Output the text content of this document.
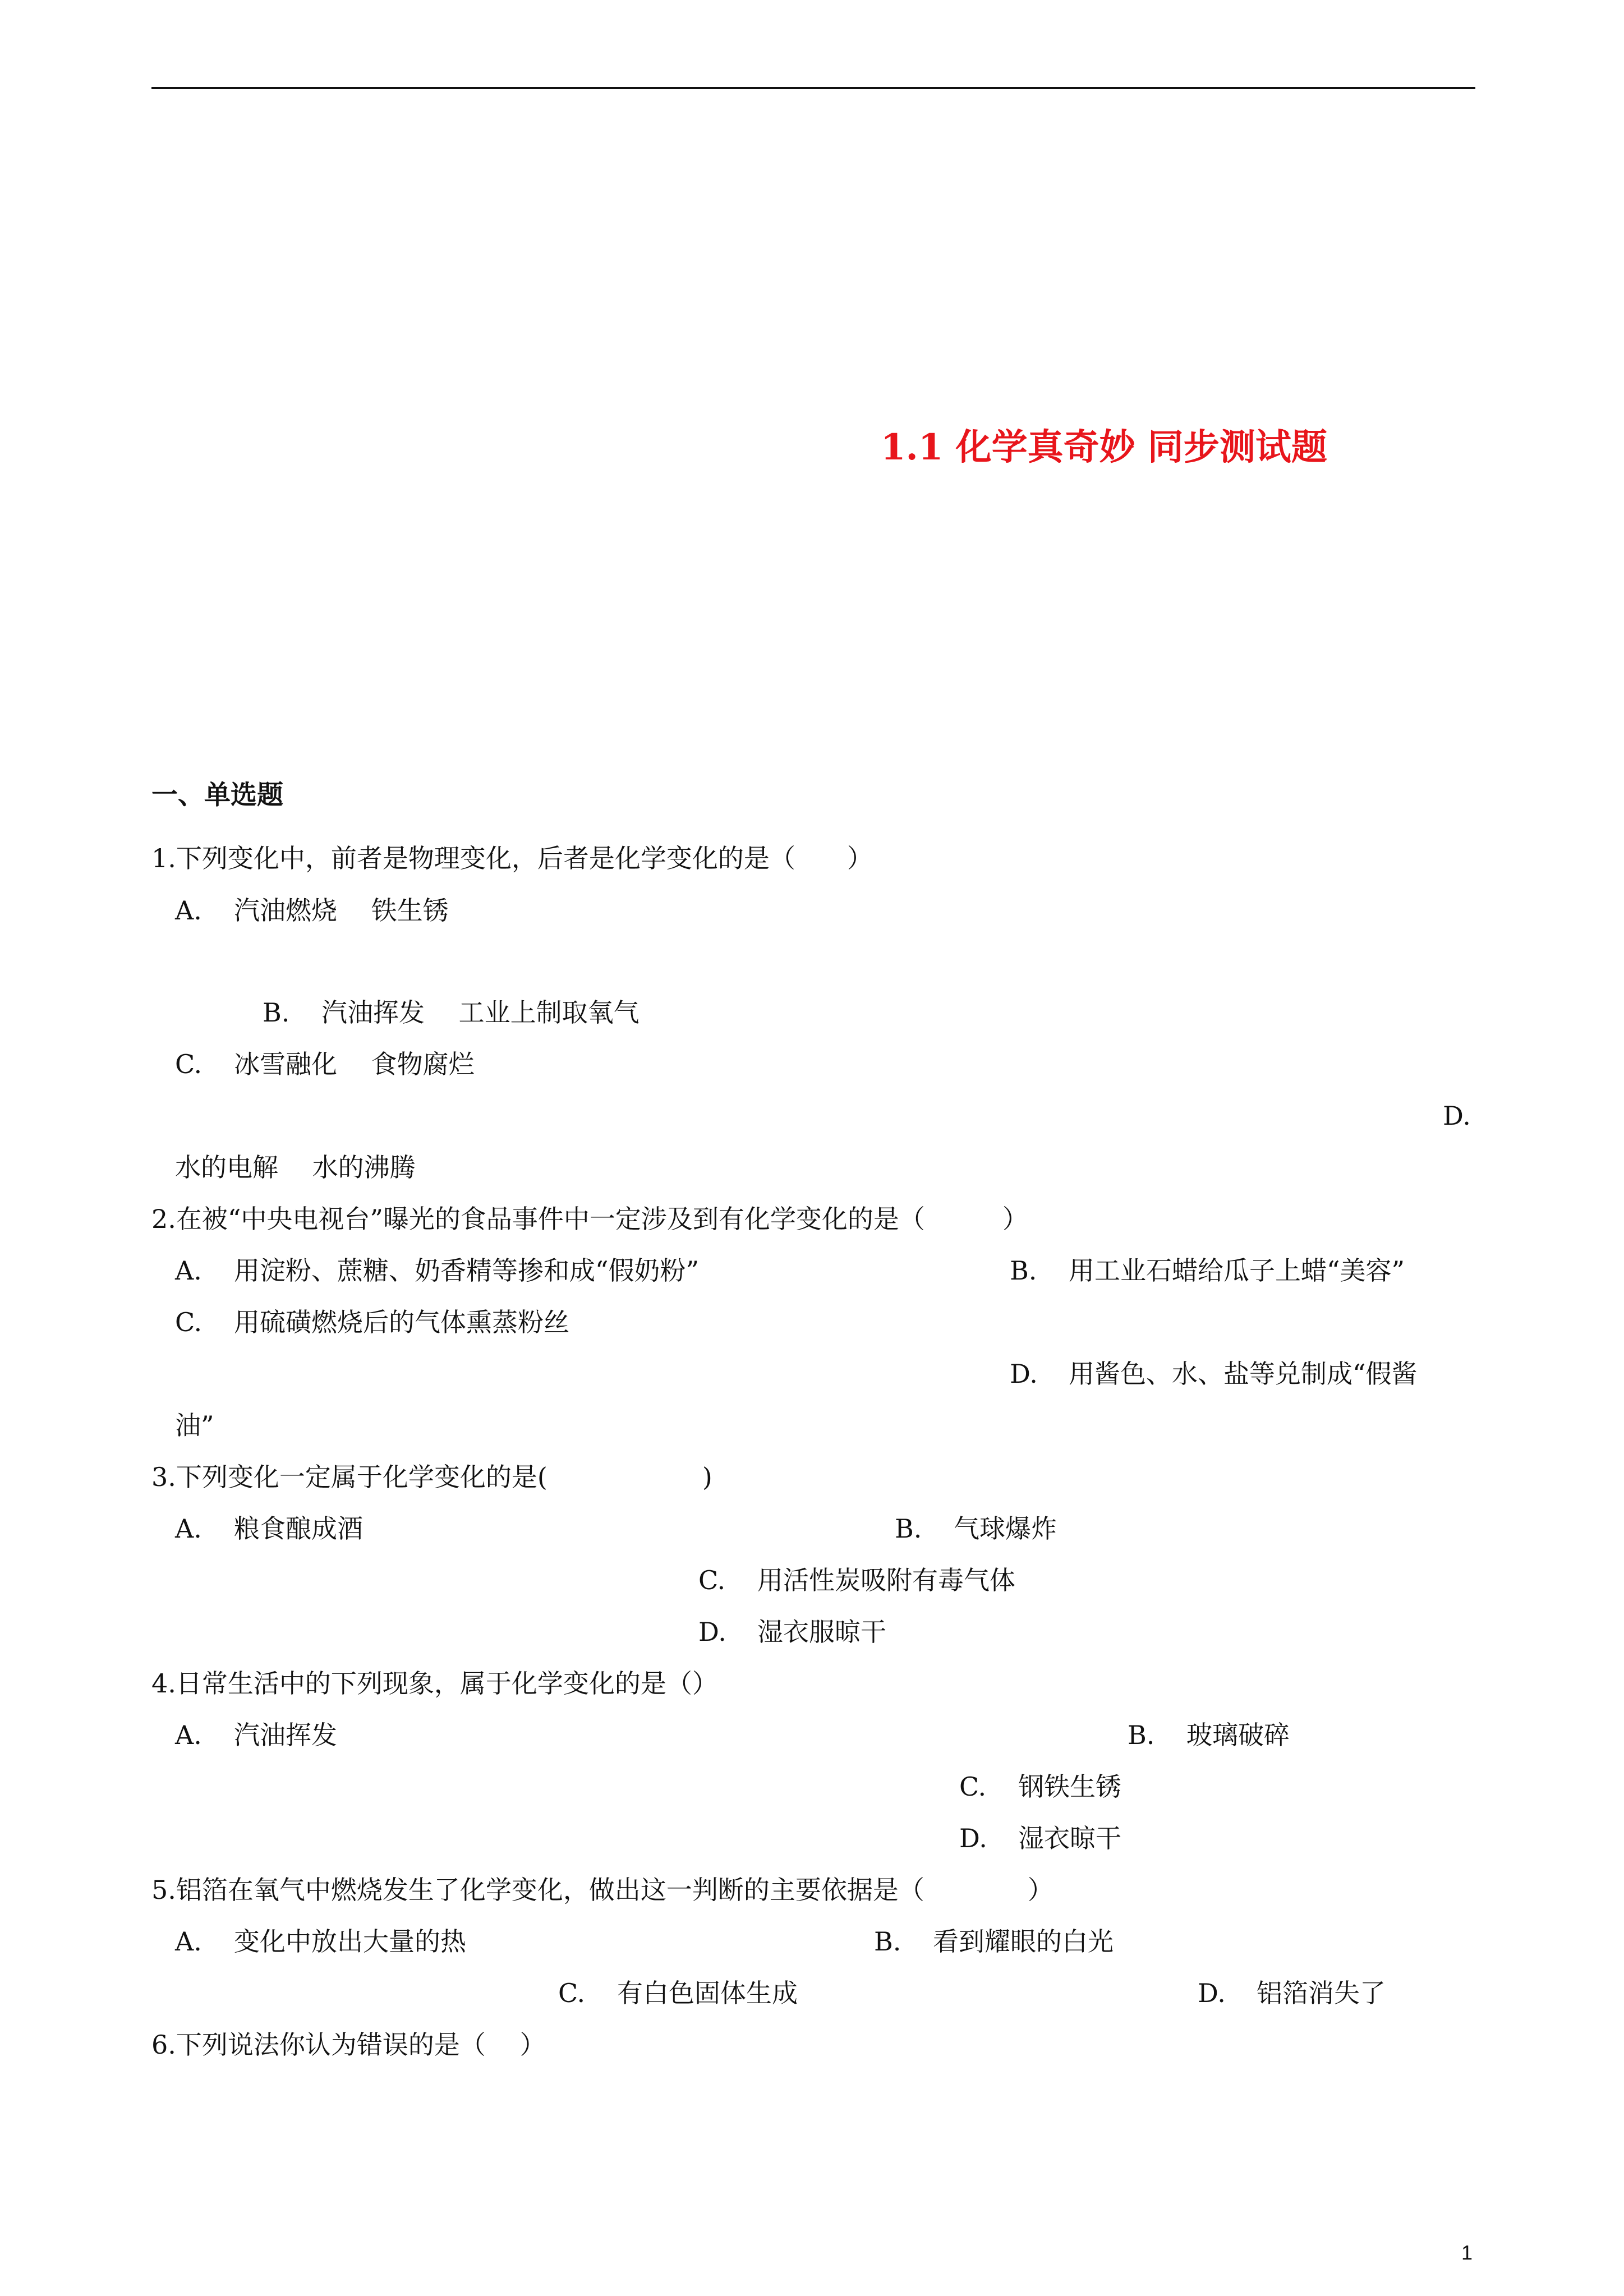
1.1 化学真奇妙 同步测试题
一、单选题
1.下列变化中，前者是物理变化，后者是化学变化的是（　　）
A. 汽油燃烧　 铁生锈
B. 汽油挥发　 工业上制取氧气
C. 冰雪融化　 食物腐烂
D.
水的电解　 水的沸腾
2.在被“中央电视台”曝光的食品事件中一定涉及到有化学变化的是（　　　）
A. 用淀粉、蔗糖、奶香精等掺和成“假奶粉”	B. 用工业石蜡给瓜子上蜡“美容”
C. 用硫磺燃烧后的气体熏蒸粉丝
D. 用酱色、水、盐等兑制成“假酱
油”
3.下列变化一定属于化学变化的是(　　　　　　)
A. 粮食酿成酒	B. 气球爆炸
C. 用活性炭吸附有毒气体
D. 湿衣服晾干
4.日常生活中的下列现象，属于化学变化的是（）
A. 汽油挥发	B. 玻璃破碎
C. 钢铁生锈
D. 湿衣晾干
5.铝箔在氧气中燃烧发生了化学变化，做出这一判断的主要依据是（　　　　）
A. 变化中放出大量的热	B. 看到耀眼的白光
C. 有白色固体生成	D. 铝箔消失了
6.下列说法你认为错误的是（　 ）
1
